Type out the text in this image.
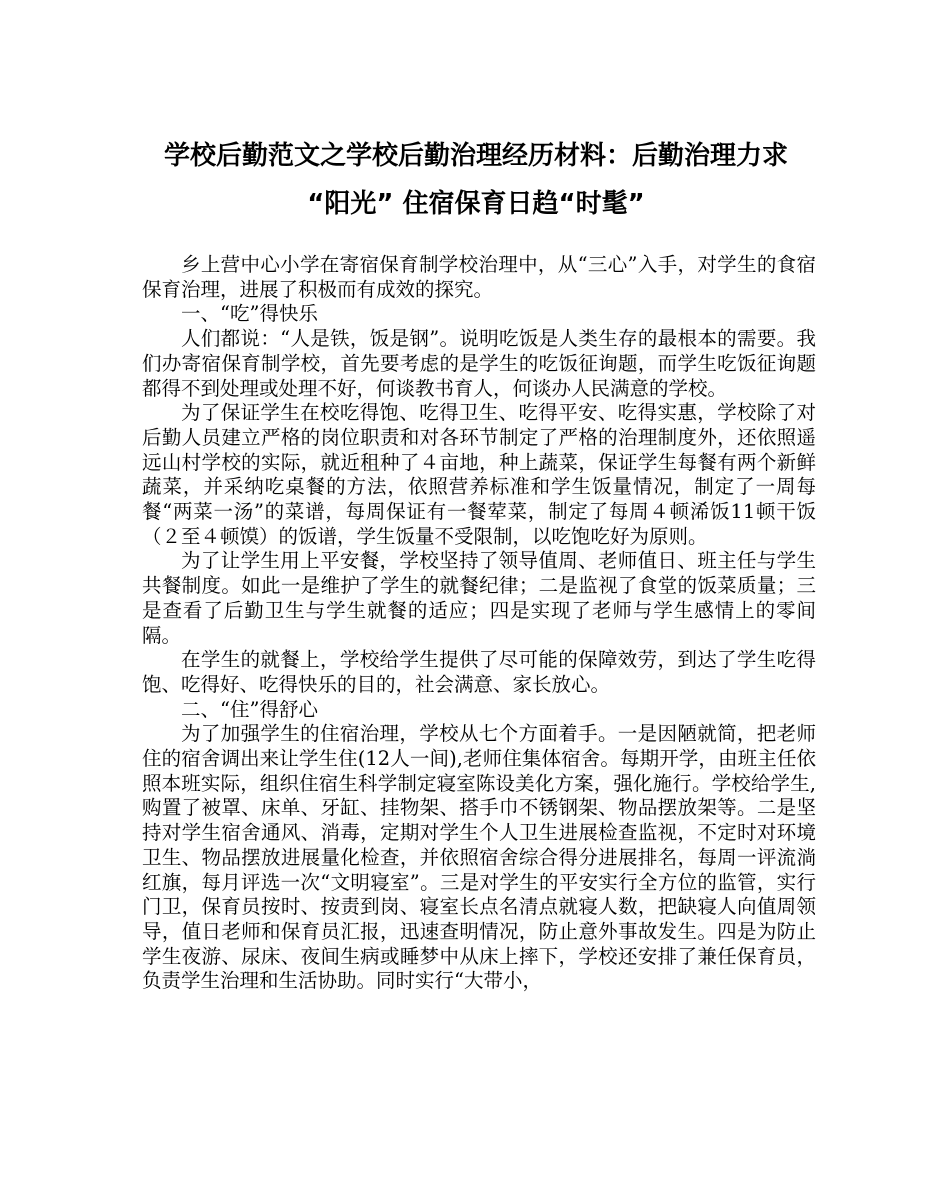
学校后勤范文之学校后勤治理经历材料：后勤治理力求
“阳光” 住宿保育日趋“时髦”

乡上营中心小学在寄宿保育制学校治理中，从“三心”入手，对学生的食宿保育治理，进展了积极而有成效的探究。

一、“吃”得快乐

人们都说：“人是铁，饭是钢”。说明吃饭是人类生存的最根本的需要。我们办寄宿保育制学校，首先要考虑的是学生的吃饭征询题，而学生吃饭征询题都得不到处理或处理不好，何谈教书育人，何谈办人民满意的学校。

为了保证学生在校吃得饱、吃得卫生、吃得平安、吃得实惠，学校除了对后勤人员建立严格的岗位职责和对各环节制定了严格的治理制度外，还依照遥远山村学校的实际，就近租种了４亩地，种上蔬菜，保证学生每餐有两个新鲜蔬菜，并采纳吃桌餐的方法，依照营养标准和学生饭量情况，制定了一周每餐“两菜一汤”的菜谱，每周保证有一餐荤菜，制定了每周４顿浠饭11顿干饭（２至４顿馍）的饭谱，学生饭量不受限制，以吃饱吃好为原则。

为了让学生用上平安餐，学校坚持了领导值周、老师值日、班主任与学生共餐制度。如此一是维护了学生的就餐纪律；二是监视了食堂的饭菜质量；三是查看了后勤卫生与学生就餐的适应；四是实现了老师与学生感情上的零间隔。

在学生的就餐上，学校给学生提供了尽可能的保障效劳，到达了学生吃得饱、吃得好、吃得快乐的目的，社会满意、家长放心。

二、“住”得舒心

为了加强学生的住宿治理，学校从七个方面着手。一是因陋就简，把老师住的宿舍调出来让学生住(12人一间),老师住集体宿舍。每期开学，由班主任依照本班实际，组织住宿生科学制定寝室陈设美化方案，强化施行。学校给学生,购置了被罩、床单、牙缸、挂物架、搭手巾不锈钢架、物品摆放架等。二是坚持对学生宿舍通风、消毒，定期对学生个人卫生进展检查监视，不定时对环境卫生、物品摆放进展量化检查，并依照宿舍综合得分进展排名，每周一评流淌红旗，每月评选一次“文明寝室”。三是对学生的平安实行全方位的监管，实行门卫，保育员按时、按责到岗、寝室长点名清点就寝人数，把缺寝人向值周领导，值日老师和保育员汇报，迅速查明情况，防止意外事故发生。四是为防止学生夜游、尿床、夜间生病或睡梦中从床上摔下，学校还安排了兼任保育员，负责学生治理和生活协助。同时实行“大带小，
